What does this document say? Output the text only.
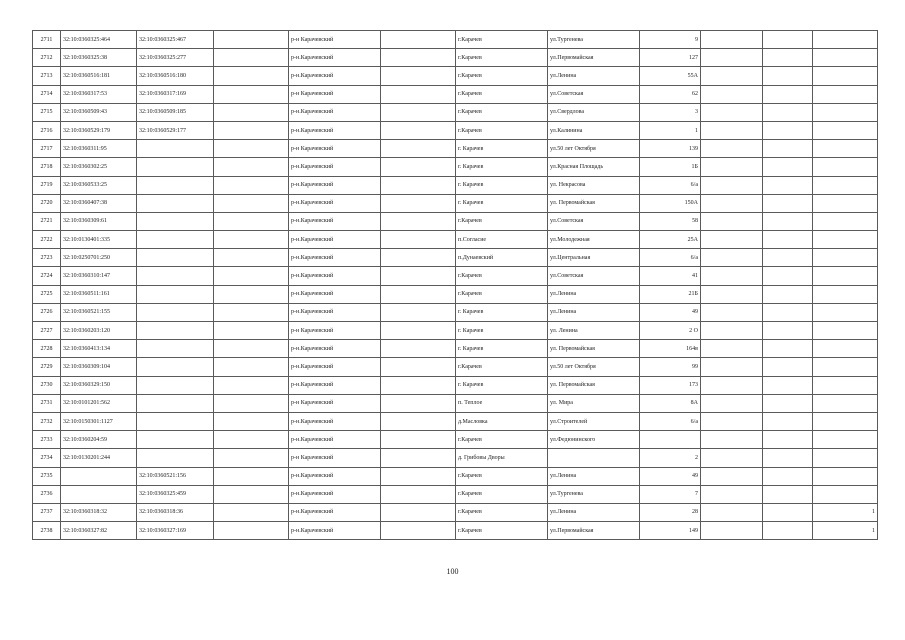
2711	32:10:0360325:464	32:10:0360325:467		р-н Карачевский		г.Карачев	ул.Тургенева	9			
2712	32:10:0360325:38	32:10:0360325:277		р-н.Карачевский		г.Карачев	ул.Первомайская	127			
2713	32:10:0360516:181	32:10:0360516:180		р-н.Карачевский		г.Карачев	ул.Ленина	55А			
2714	32:10:0360317:53	32:10:0360317:169		р-н Карачевский		г.Карачев	ул.Советская	62			
2715	32:10:0360509:43	32:10:0360509:185		р-н.Карачевский		г.Карачев	ул.Свердлова	3			
2716	32:10:0360529:179	32:10:0360529:177		р-н.Карачевский		г.Карачев	ул.Калинина	1			
2717	32:10:0360311:95			р-н Карачевский		г. Карачев	ул.50 лет Октября	139			
2718	32:10:0360302:25			р-н.Карачевский		г. Карачев	ул.Красная Площадь	1Б			
2719	32:10:0360533:25			р-н.Карачевский		г. Карачев	ул. Некрасова	6/а			
2720	32:10:0360407:38			р-н.Карачевский		г. Карачев	ул. Первомайская	150А			
2721	32:10:0360309:61			р-н.Карачевский		г.Карачев	ул.Советская	58			
2722	32:10:0130401:335			р-н.Карачевский		п.Согласие	ул.Молодежная	25А			
2723	32:10:0250701:250			р-н.Карачевский		п.Дунаевский	ул.Центральная	6/а			
2724	32:10:0360310:147			р-н.Карачевский		г.Карачев	ул.Советская	41			
2725	32:10:0360511:161			р-н.Карачевский		г.Карачев	ул.Ленина	21Б			
2726	32:10:0360521:155			р-н.Карачевский		г. Карачев	ул.Ленина	49			
2727	32:10:0360203:120			р-н Карачевский		г. Карачев	ул. Ленина	2 О			
2728	32:10:0360413:134			р-н.Карачевский		г. Карачев	ул. Первомайская	164в			
2729	32:10:0360309:104			р-н.Карачевский		г.Карачев	ул.50 лет Октября	99			
2730	32:10:0360329:150			р-н.Карачевский		г. Карачев	ул. Первомайская	173			
2731	32:10:0101201:562			р-н Карачевский		п. Теплое	ул. Мира	8А			
2732	32:10:0150301:1127			р-н.Карачевский		д.Масловка	ул.Строителей	6/а			
2733	32:10:0360204:59			р-н.Карачевский		г.Карачев	ул.Федюнинского				
2734	32:10:0130201:244			р-н Карачевский		д. Грибовы Дворы		2			
2735		32:10:0360521:156		р-н.Карачевский		г.Карачев	ул.Ленина	49			
2736		32:10:0360325:459		р-н.Карачевский		г.Карачев	ул.Тургенева	7			
2737	32:10:0360318:32	32:10:0360318:36		р-н.Карачевский		г.Карачев	ул.Ленина	28			1
2738	32:10:0360327:82	32:10:0360327:169		р-н.Карачевский		г.Карачев	ул.Первомайская	149			1
100
